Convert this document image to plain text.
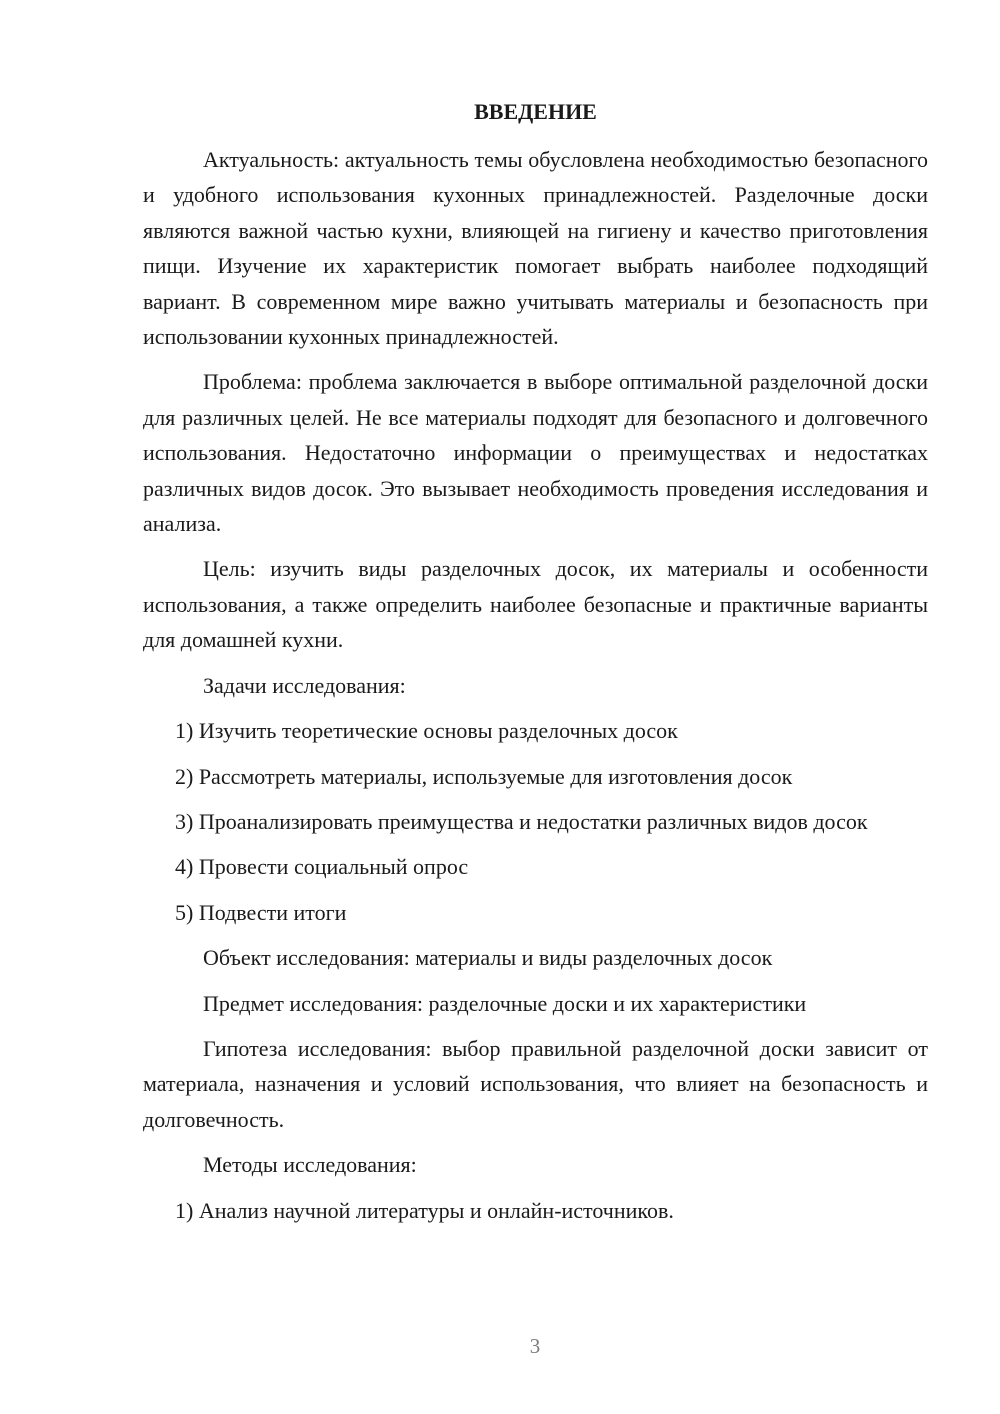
ВВЕДЕНИЕ

Актуальность: актуальность темы обусловлена необходимостью безопасного и удобного использования кухонных принадлежностей. Разделочные доски являются важной частью кухни, влияющей на гигиену и качество приготовления пищи. Изучение их характеристик помогает выбрать наиболее подходящий вариант. В современном мире важно учитывать материалы и безопасность при использовании кухонных принадлежностей.

Проблема: проблема заключается в выборе оптимальной разделочной доски для различных целей. Не все материалы подходят для безопасного и долговечного использования. Недостаточно информации о преимуществах и недостатках различных видов досок. Это вызывает необходимость проведения исследования и анализа.

Цель: изучить виды разделочных досок, их материалы и особенности использования, а также определить наиболее безопасные и практичные варианты для домашней кухни.

Задачи исследования:

1) Изучить теоретические основы разделочных досок

2) Рассмотреть материалы, используемые для изготовления досок

3) Проанализировать преимущества и недостатки различных видов досок

4) Провести социальный опрос

5) Подвести итоги

Объект исследования: материалы и виды разделочных досок

Предмет исследования: разделочные доски и их характеристики

Гипотеза исследования: выбор правильной разделочной доски зависит от материала, назначения и условий использования, что влияет на безопасность и долговечность.

Методы исследования:

1) Анализ научной литературы и онлайн-источников.

3
